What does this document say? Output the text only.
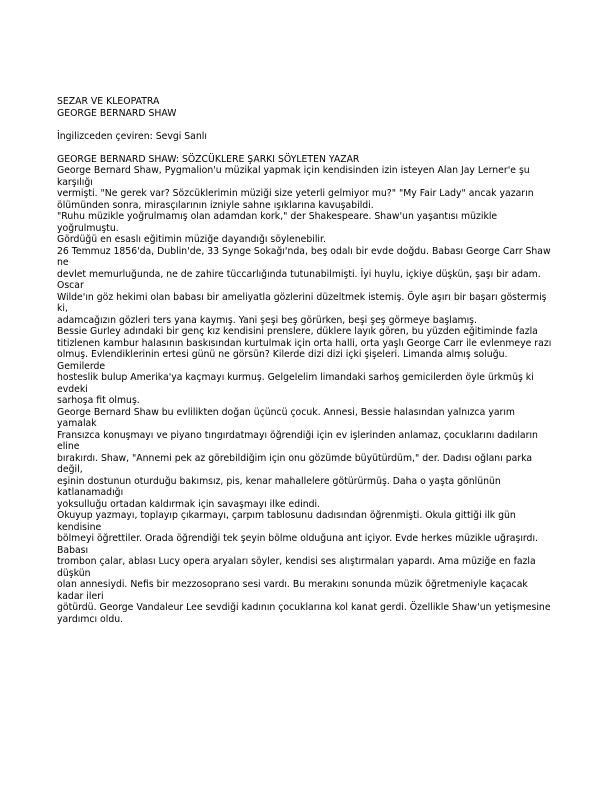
SEZAR VE KLEOPATRA

GEORGE BERNARD SHAW

İngilizceden çeviren: Sevgi Sanlı

GEORGE BERNARD SHAW: SÖZCÜKLERE ŞARKI SÖYLETEN YAZAR

George Bernard Shaw, Pygmalion'u müzikal yapmak için kendisinden izin isteyen Alan Jay Lerner'e şu karşılığı

vermişti. "Ne gerek var? Sözcüklerimin müziği size yeterli gelmiyor mu?" "My Fair Lady" ancak yazarın

ölümünden sonra, mirasçılarının izniyle sahne ışıklarına kavuşabildi.

"Ruhu müzikle yoğrulmamış olan adamdan kork," der Shakespeare. Shaw'un yaşantısı müzikle yoğrulmuştu.

Gördüğü en esaslı eğitimin müziğe dayandığı söylenebilir.

26 Temmuz 1856'da, Dublin'de, 33 Synge Sokağı'nda, beş odalı bir evde doğdu. Babası George Carr Shaw ne

devlet memurluğunda, ne de zahire tüccarlığında tutunabilmişti. İyi huylu, içkiye düşkün, şaşı bir adam. Oscar

Wilde'ın göz hekimi olan babası bir ameliyatla gözlerini düzeltmek istemiş. Öyle aşırı bir başarı göstermiş ki,

adamcağızın gözleri ters yana kaymış. Yani şeşi beş görürken, beşi şeş görmeye başlamış.

Bessie Gurley adındaki bir genç kız kendisini prenslere, düklere layık gören, bu yüzden eğitiminde fazla

titizlenen kambur halasının baskısından kurtulmak için orta halli, orta yaşlı George Carr ile evlenmeye razı

olmuş. Evlendiklerinin ertesi günü ne görsün? Kilerde dizi dizi içki şişeleri. Limanda almış soluğu. Gemilerde

hosteslik bulup Amerika'ya kaçmayı kurmuş. Gelgelelim limandaki sarhoş gemicilerden öyle ürkmüş ki evdeki

sarhoşa fit olmuş.

George Bernard Shaw bu evlilikten doğan üçüncü çocuk. Annesi, Bessie halasından yalnızca yarım yamalak

Fransızca konuşmayı ve piyano tıngırdatmayı öğrendiği için ev işlerinden anlamaz, çocuklarını dadıların eline

bırakırdı. Shaw, "Annemi pek az görebildiğim için onu gözümde büyütürdüm," der. Dadısı oğlanı parka değil,

eşinin dostunun oturduğu bakımsız, pis, kenar mahallelere götürürmüş. Daha o yaşta gönlünün katlanamadığı

yoksulluğu ortadan kaldırmak için savaşmayı ilke edindi.

Okuyup yazmayı, toplayıp çıkarmayı, çarpım tablosunu dadısından öğrenmişti. Okula gittiği ilk gün kendisine

bölmeyi öğrettiler. Orada öğrendiği tek şeyin bölme olduğuna ant içiyor. Evde herkes müzikle uğraşırdı. Babası

trombon çalar, ablası Lucy opera aryaları söyler, kendisi ses alıştırmaları yapardı. Ama müziğe en fazla düşkün

olan annesiydi. Nefis bir mezzosoprano sesi vardı. Bu merakını sonunda müzik öğretmeniyle kaçacak kadar ileri

götürdü. George Vandaleur Lee sevdiği kadının çocuklarına kol kanat gerdi. Özellikle Shaw'un yetişmesine

yardımcı oldu.
